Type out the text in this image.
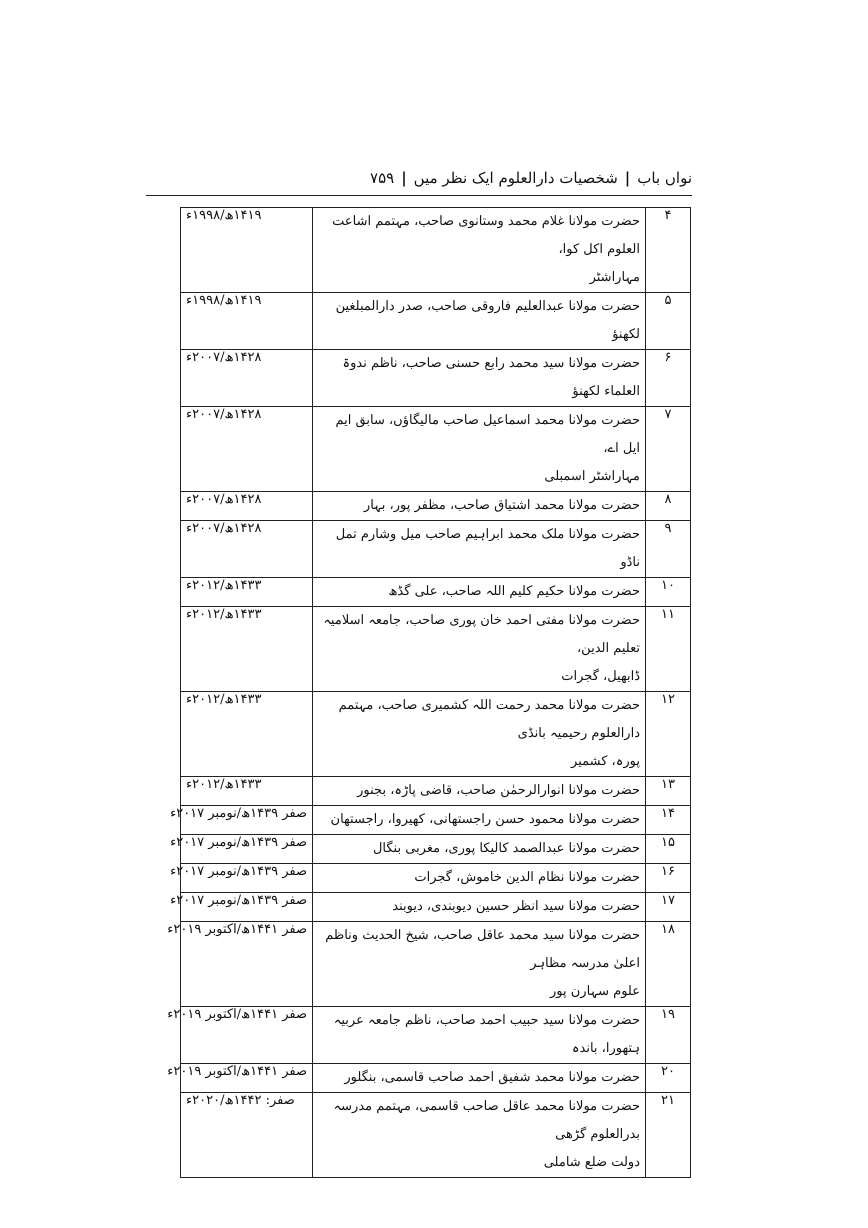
نواں باب
|
شخصیات دارالعلوم ایک نظر میں
|
۷۵۹
۴	حضرت مولانا غلام محمد وستانوی صاحب، مہتمم اشاعت العلوم اکل کوا،
مہاراشٹر	۱۴۱۹ھ/۱۹۹۸ء
۵	حضرت مولانا عبدالعلیم فاروقی صاحب، صدر دارالمبلغین لکھنؤ	۱۴۱۹ھ/۱۹۹۸ء
۶	حضرت مولانا سید محمد رابع حسنی صاحب، ناظم ندوۃ العلماء لکھنؤ	۱۴۲۸ھ/۲۰۰۷ء
۷	حضرت مولانا محمد اسماعیل صاحب مالیگاؤں، سابق ایم ایل اے،
مہاراشٹر اسمبلی	۱۴۲۸ھ/۲۰۰۷ء
۸	حضرت مولانا محمد اشتیاق صاحب، مظفر پور، بہار	۱۴۲۸ھ/۲۰۰۷ء
۹	حضرت مولانا ملک محمد ابراہیم صاحب میل وشارم تمل ناڈو	۱۴۲۸ھ/۲۰۰۷ء
۱۰	حضرت مولانا حکیم کلیم اللہ صاحب، علی گڈھ	۱۴۳۳ھ/۲۰۱۲ء
۱۱	حضرت مولانا مفتی احمد خان پوری صاحب، جامعہ اسلامیہ تعلیم الدین،
ڈابھیل، گجرات	۱۴۳۳ھ/۲۰۱۲ء
۱۲	حضرت مولانا محمد رحمت اللہ کشمیری صاحب، مہتمم دارالعلوم رحیمیہ بانڈی
پورہ، کشمیر	۱۴۳۳ھ/۲۰۱۲ء
۱۳	حضرت مولانا انوارالرحمٰن صاحب، قاضی پاڑہ، بجنور	۱۴۳۳ھ/۲۰۱۲ء
۱۴	حضرت مولانا محمود حسن راجستھانی، کھیروا، راجستھان	صفر ۱۴۳۹ھ/نومبر ۲۰۱۷ء
۱۵	حضرت مولانا عبدالصمد کالیکا پوری، مغربی بنگال	صفر ۱۴۳۹ھ/نومبر ۲۰۱۷ء
۱۶	حضرت مولانا نظام الدین خاموش، گجرات	صفر ۱۴۳۹ھ/نومبر ۲۰۱۷ء
۱۷	حضرت مولانا سید انظر حسین دیوبندی، دیوبند	صفر ۱۴۳۹ھ/نومبر ۲۰۱۷ء
۱۸	حضرت مولانا سید محمد عاقل صاحب، شیخ الحدیث وناظم اعلیٰ مدرسہ مظاہر
علوم سہارن پور	صفر ۱۴۴۱ھ/اکتوبر ۲۰۱۹ء
۱۹	حضرت مولانا سید حبیب احمد صاحب، ناظم جامعہ عربیہ ہتھورا، باندہ	صفر ۱۴۴۱ھ/اکتوبر ۲۰۱۹ء
۲۰	حضرت مولانا محمد شفیق احمد صاحب قاسمی، بنگلور	صفر ۱۴۴۱ھ/اکتوبر ۲۰۱۹ء
۲۱	حضرت مولانا محمد عاقل صاحب قاسمی، مہتمم مدرسہ بدرالعلوم گڑھی
دولت ضلع شاملی	صفر: ۱۴۴۲ھ/۲۰۲۰ء
